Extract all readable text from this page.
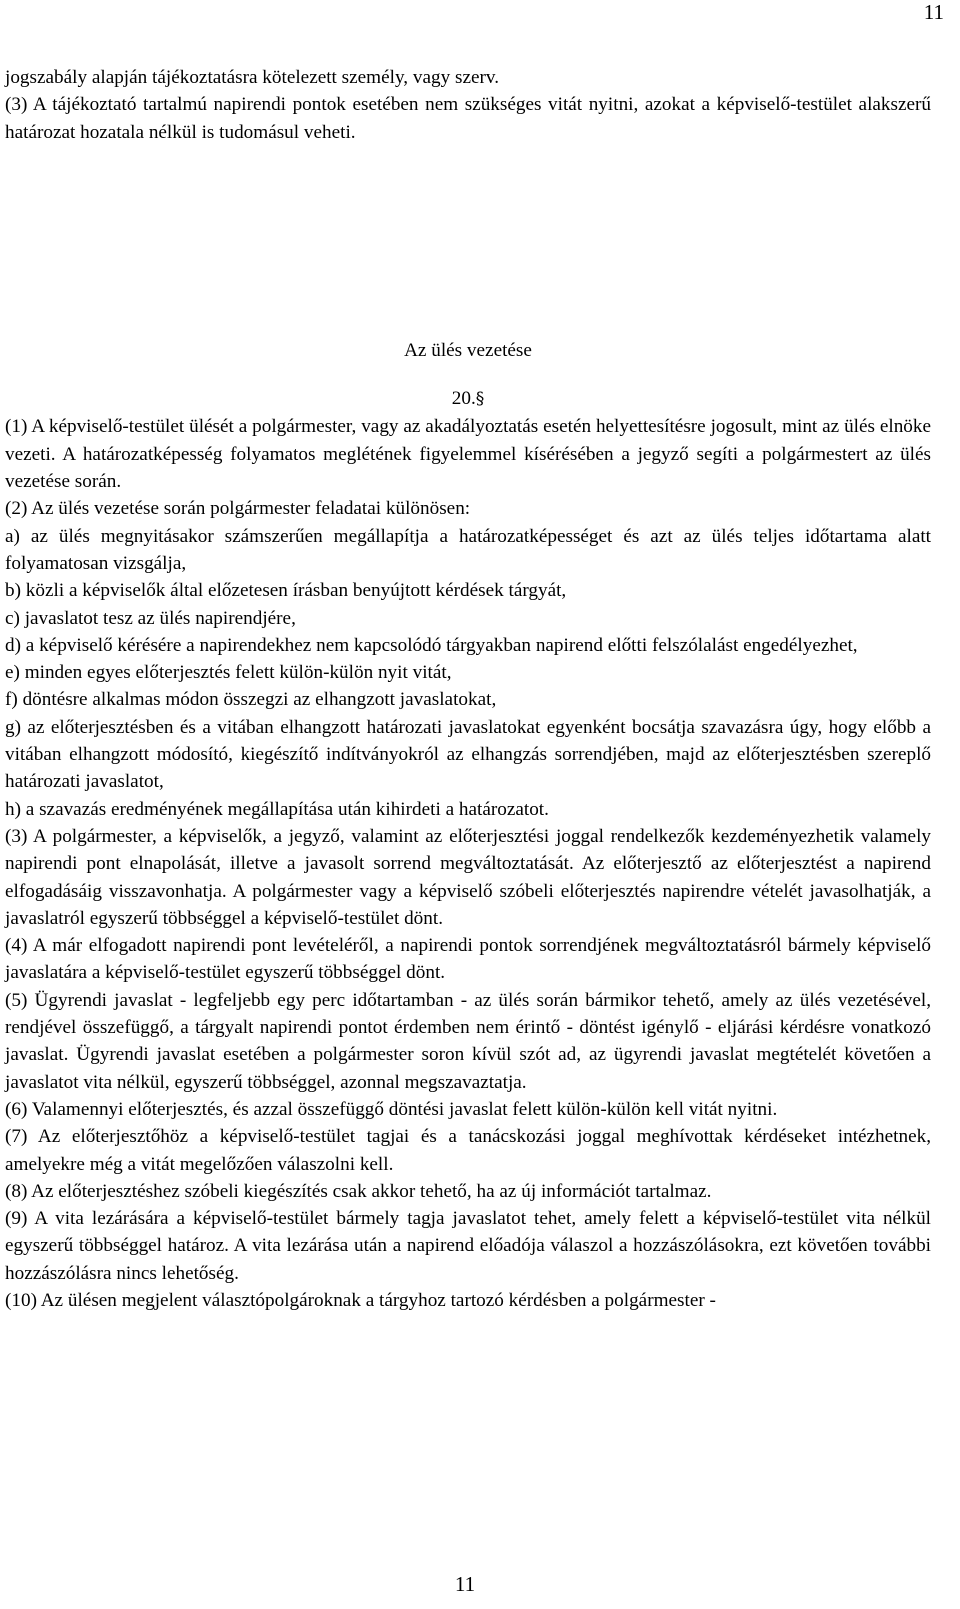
11

jogszabály alapján tájékoztatásra kötelezett személy, vagy szerv.

(3) A tájékoztató tartalmú napirendi pontok esetében nem szükséges vitát nyitni, azokat a képviselő-testület alakszerű határozat hozatala nélkül is tudomásul veheti.

Az ülés vezetése

20.§

(1) A képviselő-testület ülését a polgármester, vagy az akadályoztatás esetén helyettesítésre jogosult, mint az ülés elnöke vezeti. A határozatképesség folyamatos meglétének figyelemmel kísérésében a jegyző segíti a polgármestert az ülés vezetése során.

(2) Az ülés vezetése során polgármester feladatai különösen:

a) az ülés megnyitásakor számszerűen megállapítja a határozatképességet és azt az ülés teljes időtartama alatt folyamatosan vizsgálja,

b) közli a képviselők által előzetesen írásban benyújtott kérdések tárgyát,

c) javaslatot tesz az ülés napirendjére,

d) a képviselő kérésére a napirendekhez nem kapcsolódó tárgyakban napirend előtti felszólalást engedélyezhet,

e) minden egyes előterjesztés felett külön-külön nyit vitát,

f) döntésre alkalmas módon összegzi az elhangzott javaslatokat,

g) az előterjesztésben és a vitában elhangzott határozati javaslatokat egyenként bocsátja szavazásra úgy, hogy előbb a vitában elhangzott módosító, kiegészítő indítványokról az elhangzás sorrendjében, majd az előterjesztésben szereplő határozati javaslatot,

h) a szavazás eredményének megállapítása után kihirdeti a határozatot.

(3) A polgármester, a képviselők, a jegyző, valamint az előterjesztési joggal rendelkezők kezdeményezhetik valamely napirendi pont elnapolását, illetve a javasolt sorrend megváltoztatását. Az előterjesztő az előterjesztést a napirend elfogadásáig visszavonhatja. A polgármester vagy a képviselő szóbeli előterjesztés napirendre vételét javasolhatják, a javaslatról egyszerű többséggel a képviselő-testület dönt.

(4) A már elfogadott napirendi pont levételéről, a napirendi pontok sorrendjének megváltoztatásról bármely képviselő javaslatára a képviselő-testület egyszerű többséggel dönt.

(5) Ügyrendi javaslat - legfeljebb egy perc időtartamban - az ülés során bármikor tehető, amely az ülés vezetésével, rendjével összefüggő, a tárgyalt napirendi pontot érdemben nem érintő - döntést igénylő - eljárási kérdésre vonatkozó javaslat. Ügyrendi javaslat esetében a polgármester soron kívül szót ad, az ügyrendi javaslat megtételét követően a javaslatot vita nélkül, egyszerű többséggel, azonnal megszavaztatja.

(6) Valamennyi előterjesztés, és azzal összefüggő döntési javaslat felett külön-külön kell vitát nyitni.

(7) Az előterjesztőhöz a képviselő-testület tagjai és a tanácskozási joggal meghívottak kérdéseket intézhetnek, amelyekre még a vitát megelőzően válaszolni kell.

(8) Az előterjesztéshez szóbeli kiegészítés csak akkor tehető, ha az új információt tartalmaz.

(9) A vita lezárására a képviselő-testület bármely tagja javaslatot tehet, amely felett a képviselő-testület vita nélkül egyszerű többséggel határoz. A vita lezárása után a napirend előadója válaszol a hozzászólásokra, ezt követően további hozzászólásra nincs lehetőség.

(10) Az ülésen megjelent választópolgároknak a tárgyhoz tartozó kérdésben a polgármester -

11
